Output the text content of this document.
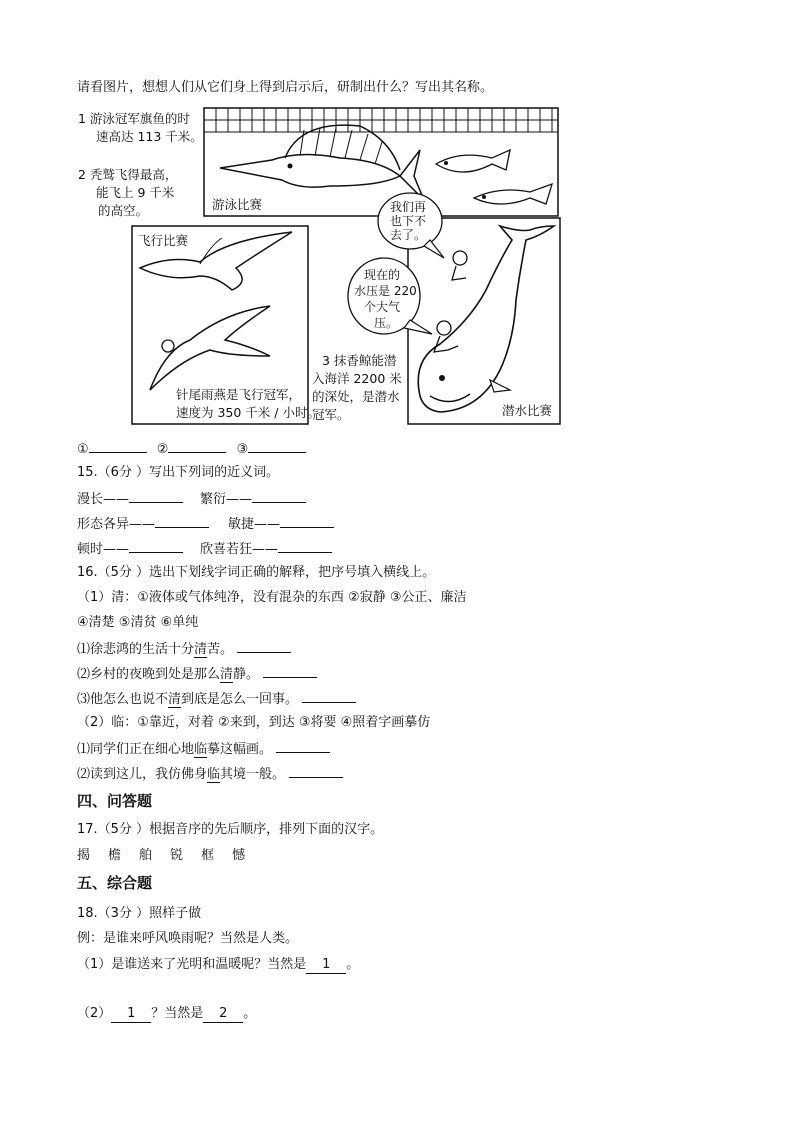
请看图片，想想人们从它们身上得到启示后，研制出什么？写出其名称。
1 游泳冠军旗鱼的时
速高达 113 千米。
2 秃鹫飞得最高，
能飞上 9 千米
的高空。	游泳比赛
飞行比赛
潜水比赛
我们再
也下不
去了。
现在的
水压是 220
个大气
压。
针尾雨燕是飞行冠军，
速度为 350 千米 / 小时。
3 抹香鲸能潜
入海洋 2200 米
的深处，是潜水
冠军。
①	②	③
15.（6分 ）写出下列词的近义词。
漫长——	繁衍——
形态各异——	敏捷——
顿时——	欣喜若狂——
16.（5分 ）选出下划线字词正确的解释，把序号填入横线上。
（1）清：①液体或气体纯净，没有混杂的东西 ②寂静 ③公正、廉洁
④清楚 ⑤清贫 ⑥单纯
⑴徐悲鸿的生活十分清苦。
⑵乡村的夜晚到处是那么清静。
⑶他怎么也说不清到底是怎么一回事。
（2）临：①靠近，对着 ②来到，到达 ③将要 ④照着字画摹仿
⑴同学们正在细心地临摹这幅画。
⑵读到这儿，我仿佛身临其境一般。
四、问答题
17.（5分 ）根据音序的先后顺序，排列下面的汉字。
揭 檐 舶 锐 框 憾
五、综合题
18.（3分 ）照样子做
例：是谁来呼风唤雨呢？当然是人类。
（1）是谁送来了光明和温暖呢？当然是 1 。
（2） 1 ？当然是 2 。
